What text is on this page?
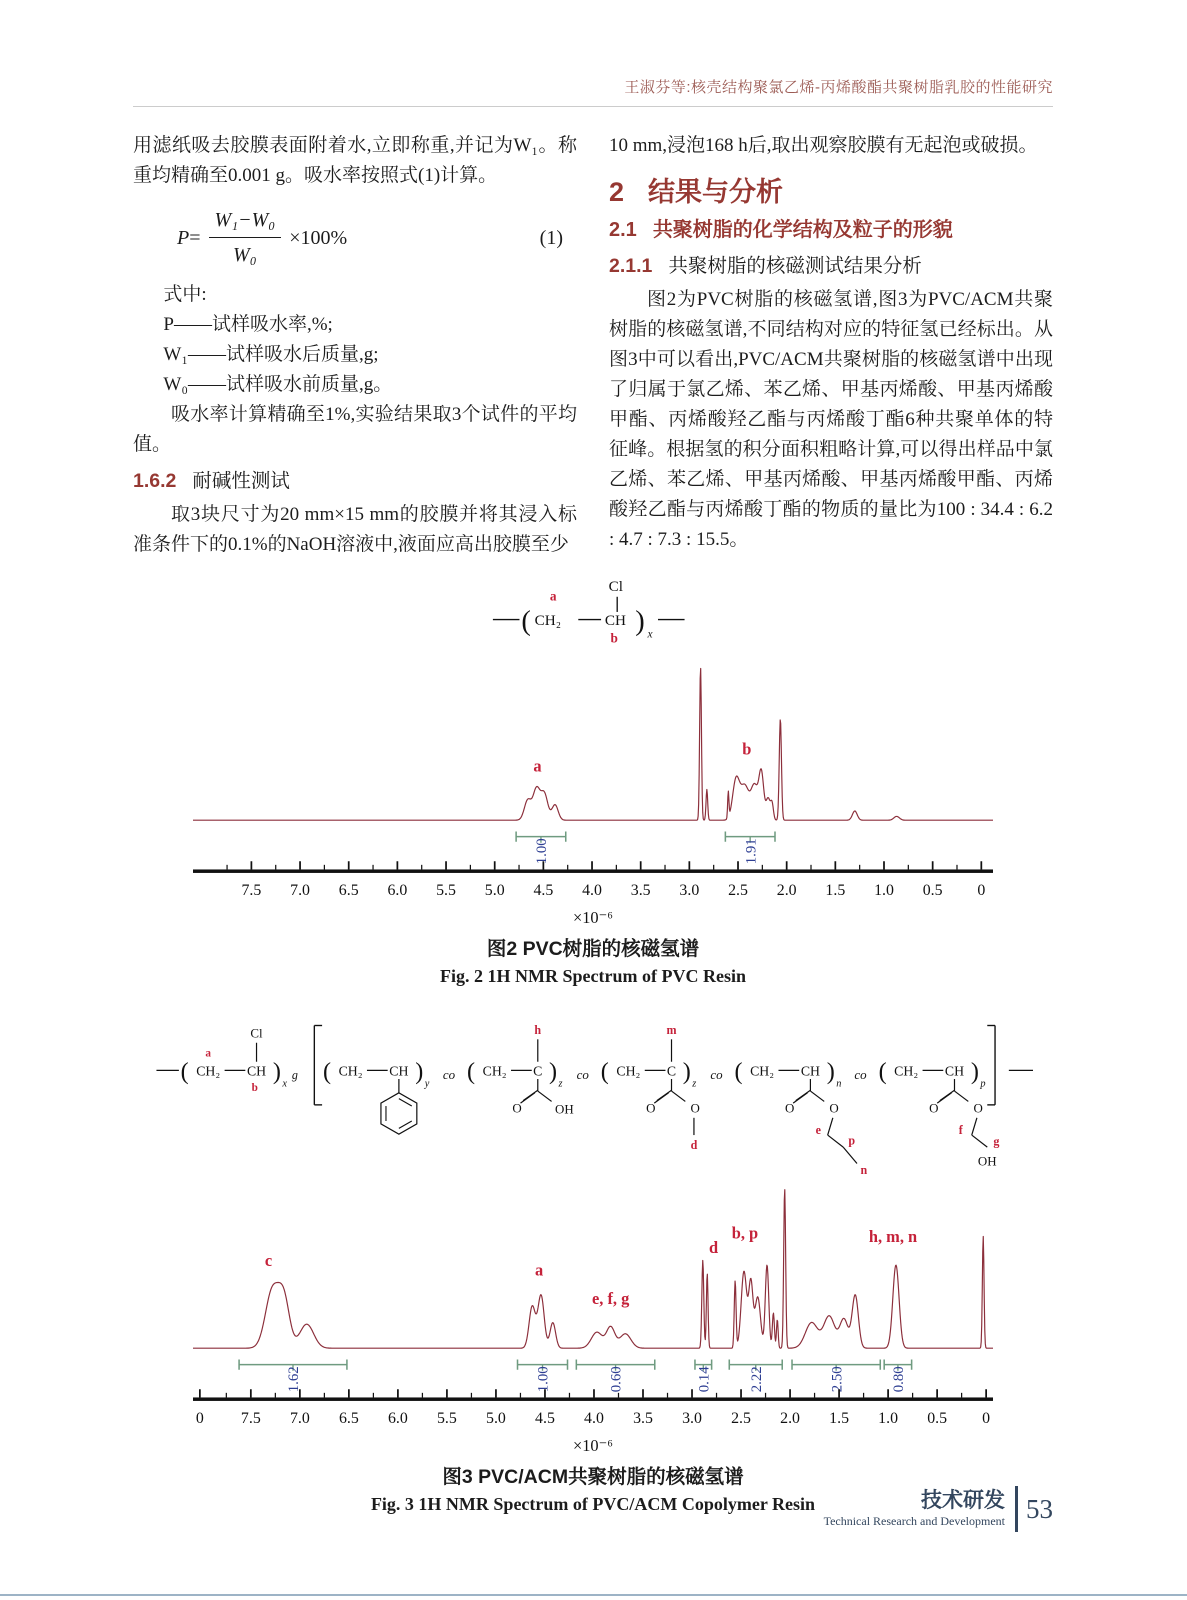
王淑芬等:核壳结构聚氯乙烯-丙烯酸酯共聚树脂乳胶的性能研究
用滤纸吸去胶膜表面附着水,立即称重,并记为W₁。称重均精确至0.001 g。吸水率按照式(1)计算。
$P = \frac{\text{W₁−W₀}}{\text{W₀}} \times 100\%$	(1)
式中:
P——试样吸水率,%;
W₁——试样吸水后质量,g;
W₀——试样吸水前质量,g。
吸水率计算精确至1%,实验结果取3个试件的平均值。
1.6.2 耐碱性测试
取3块尺寸为20 mm×15 mm的胶膜并将其浸入标准条件下的0.1%的NaOH溶液中,液面应高出胶膜至少
10 mm,浸泡168 h后,取出观察胶膜有无起泡或破损。
2 结果与分析
2.1 共聚树脂的化学结构及粒子的形貌
2.1.1 共聚树脂的核磁测试结果分析
图2为PVC树脂的核磁氢谱,图3为PVC/ACM共聚树脂的核磁氢谱,不同结构对应的特征氢已经标出。从图3中可以看出,PVC/ACM共聚树脂的核磁氢谱中出现了归属于氯乙烯、苯乙烯、甲基丙烯酸、甲基丙烯酸甲酯、丙烯酸羟乙酯与丙烯酸丁酯6种共聚单体的特征峰。根据氢的积分面积粗略计算,可以得出样品中氯乙烯、苯乙烯、甲基丙烯酸、甲基丙烯酸甲酯、丙烯酸羟乙酯与丙烯酸丁酯的物质的量比为100 : 34.4 : 6.2 : 4.7 : 7.3 : 15.5。
(
a
CH₂
Cl
CH
b
) x
1.00	1.91
a
b
7.5 7.0 6.5 6.0 5.5 5.0 4.5 4.0 3.5 3.0 2.5 2.0 1.5 1.0 0.5 0
×10⁻⁶
图2 PVC树脂的核磁氢谱
Fig. 2 1H NMR Spectrum of PVC Resin
( CH₂ CH ) x
Cl
a
b
g ( CH₂ CH ) y
co ( CH₂ C ) z
h
O OH
co ( CH₂ C ) z
m
O O
d
co ( CH₂ CH ) n
O O
e
p
n
co ( CH₂ CH ) p
O O
f
g
OH
1.62	1.00	0.60	0.14	2.22	2.50	0.80
c
a
e, f, g
d
b, p	h, m, n
0 7.5 7.0 6.5 6.0 5.5 5.0 4.5 4.0 3.5 3.0 2.5 2.0 1.5 1.0 0.5 0
×10⁻⁶
图3 PVC/ACM共聚树脂的核磁氢谱
Fig. 3 1H NMR Spectrum of PVC/ACM Copolymer Resin	技术研发
Technical Research and Development 53
